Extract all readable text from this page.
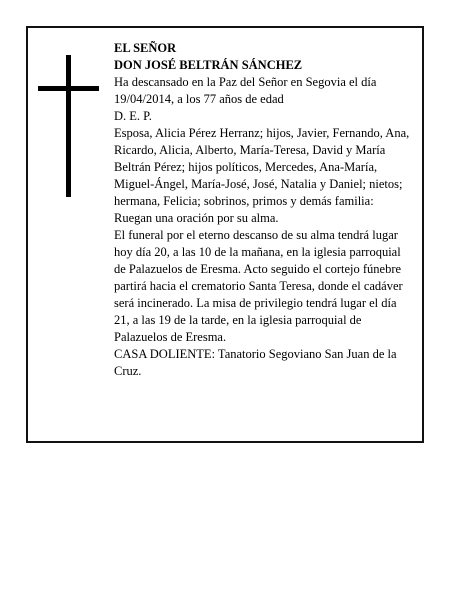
EL SEÑOR

DON JOSÉ BELTRÁN SÁNCHEZ

Ha descansado en la Paz del Señor en Segovia el día 19/04/2014, a los 77 años de edad

D. E. P.

Esposa, Alicia Pérez Herranz; hijos, Javier, Fernando, Ana, Ricardo, Alicia, Alberto, María-Teresa, David y María Beltrán Pérez; hijos políticos, Mercedes, Ana-María, Miguel-Ángel, María-José, José, Natalia y Daniel; nietos; hermana, Felicia; sobrinos, primos y demás familia:

Ruegan una oración por su alma.

El funeral por el eterno descanso de su alma tendrá lugar hoy día 20, a las 10 de la mañana, en la iglesia parroquial de Palazuelos de Eresma. Acto seguido el cortejo fúnebre partirá hacia el crematorio Santa Teresa, donde el cadáver será incinerado. La misa de privilegio tendrá lugar el día 21, a las 19 de la tarde, en la iglesia parroquial de Palazuelos de Eresma.

CASA DOLIENTE: Tanatorio Segoviano San Juan de la Cruz.
